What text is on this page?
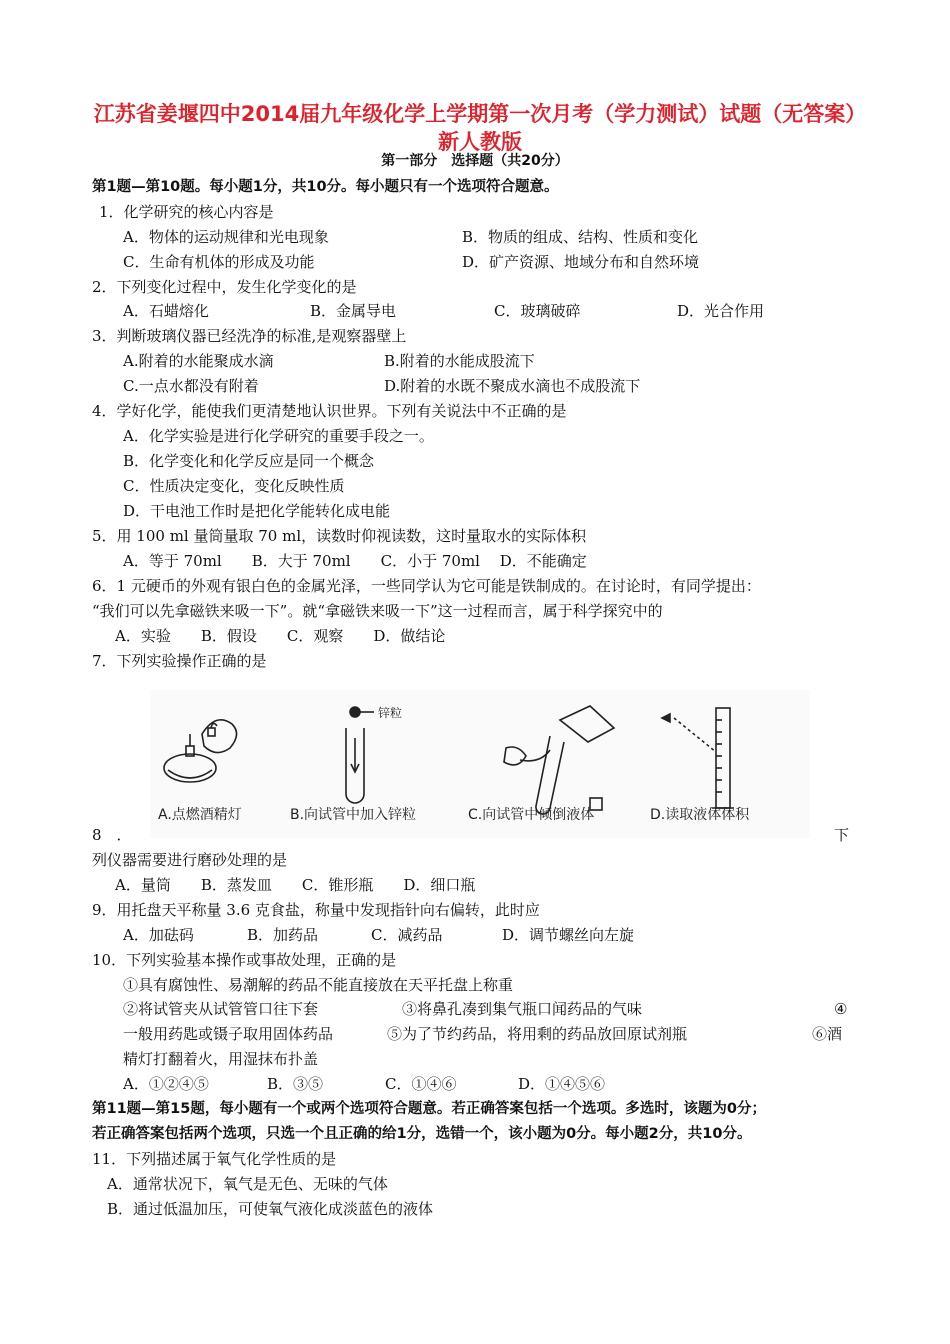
江苏省姜堰四中2014届九年级化学上学期第一次月考（学力测试）试题（无答案） 新人教版
第一部分　选择题（共20分）
第1题—第10题。每小题1分，共10分。每小题只有一个选项符合题意。
1．化学研究的核心内容是
A．物体的运动规律和光电现象	B．物质的组成、结构、性质和变化
C．生命有机体的形成及功能	D．矿产资源、地域分布和自然环境
2．下列变化过程中，发生化学变化的是
A．石蜡熔化	B．金属导电	C．玻璃破碎	D．光合作用
3．判断玻璃仪器已经洗净的标准,是观察器壁上
A.附着的水能聚成水滴	B.附着的水能成股流下
C.一点水都没有附着	D.附着的水既不聚成水滴也不成股流下
4．学好化学，能使我们更清楚地认识世界。下列有关说法中不正确的是
A．化学实验是进行化学研究的重要手段之一。
B．化学变化和化学反应是同一个概念
C．性质决定变化，变化反映性质
D．干电池工作时是把化学能转化成电能
5．用 100 ml 量筒量取 70 ml，读数时仰视读数，这时量取水的实际体积
A．等于 70ml　　B．大于 70ml　　C．小于 70ml　 D．不能确定
6．1 元硬币的外观有银白色的金属光泽，一些同学认为它可能是铁制成的。在讨论时，有同学提出：
“我们可以先拿磁铁来吸一下”。就“拿磁铁来吸一下”这一过程而言，属于科学探究中的
A．实验　　B．假设　　C．观察　　D．做结论
7．下列实验操作正确的是
锌粒
A.点燃酒精灯	B.向试管中加入锌粒	C.向试管中倾倒液体	D.读取液体体积
8　．	下
列仪器需要进行磨砂处理的是
A．量筒　　B．蒸发皿　　C．锥形瓶　　D．细口瓶
9．用托盘天平称量 3.6 克食盐，称量中发现指针向右偏转，此时应
A．加砝码	B．加药品	C．减药品	D．调节螺丝向左旋
10．下列实验基本操作或事故处理，正确的是
①具有腐蚀性、易潮解的药品不能直接放在天平托盘上称重
②将试管夹从试管管口往下套	③将鼻孔凑到集气瓶口闻药品的气味	④
一般用药匙或镊子取用固体药品	⑤为了节约药品，将用剩的药品放回原试剂瓶	⑥酒
精灯打翻着火，用湿抹布扑盖
A．①②④⑤	B．③⑤	C．①④⑥	D．①④⑤⑥
第11题—第15题，每小题有一个或两个选项符合题意。若正确答案包括一个选项。多选时，该题为0分；
若正确答案包括两个选项，只选一个且正确的给1分，选错一个，该小题为0分。每小题2分，共10分。
11．下列描述属于氧气化学性质的是
A．通常状况下，氧气是无色、无味的气体
B．通过低温加压，可使氧气液化成淡蓝色的液体
